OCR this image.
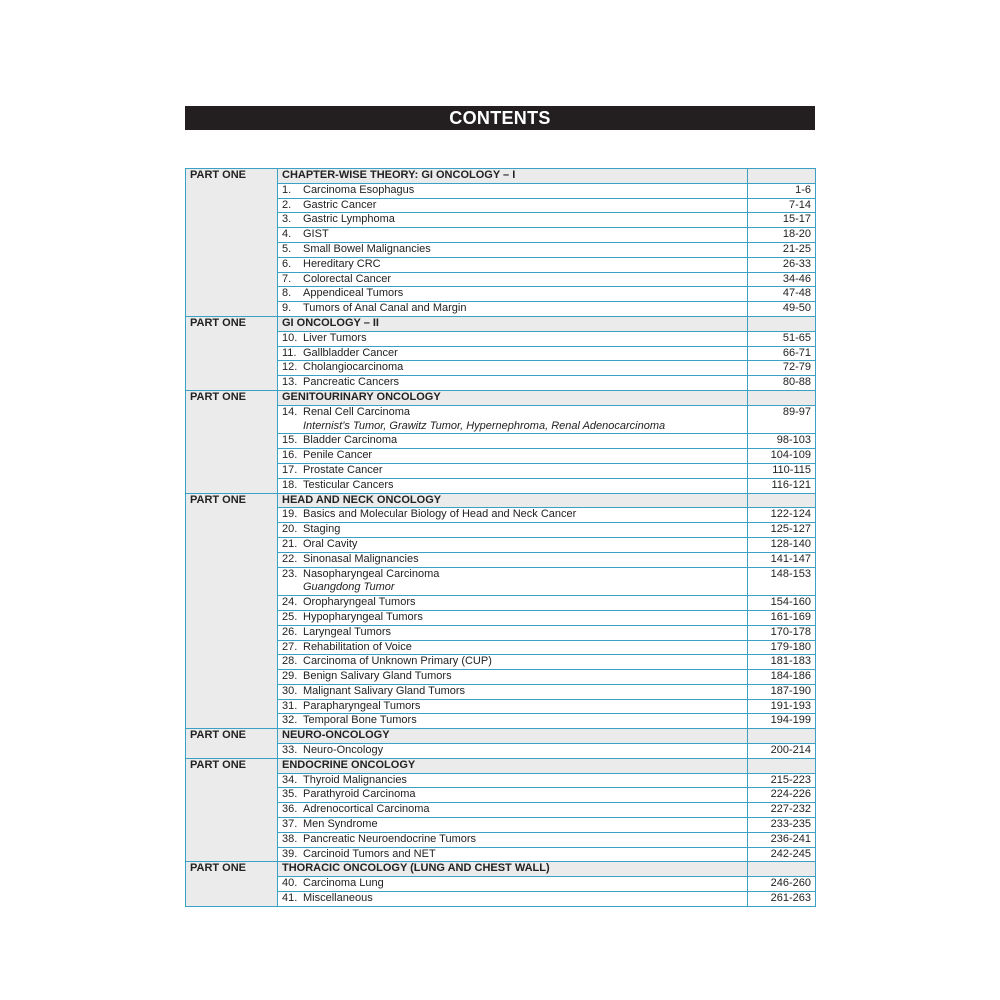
CONTENTS
PART ONE	CHAPTER-WISE THEORY: GI ONCOLOGY – I	
	1. Carcinoma Esophagus	1-6
	2. Gastric Cancer	7-14
	3. Gastric Lymphoma	15-17
	4. GIST	18-20
	5. Small Bowel Malignancies	21-25
	6. Hereditary CRC	26-33
	7. Colorectal Cancer	34-46
	8. Appendiceal Tumors	47-48
	9. Tumors of Anal Canal and Margin	49-50
PART ONE	GI ONCOLOGY – II	
	10. Liver Tumors	51-65
	11. Gallbladder Cancer	66-71
	12. Cholangiocarcinoma	72-79
	13. Pancreatic Cancers	80-88
PART ONE	GENITOURINARY ONCOLOGY	
	14. Renal Cell Carcinoma
Internist’s Tumor, Grawitz Tumor, Hypernephroma, Renal Adenocarcinoma	89-97
	15. Bladder Carcinoma	98-103
	16. Penile Cancer	104-109
	17. Prostate Cancer	110-115
	18. Testicular Cancers	116-121
PART ONE	HEAD AND NECK ONCOLOGY	
	19. Basics and Molecular Biology of Head and Neck Cancer	122-124
	20. Staging	125-127
	21. Oral Cavity	128-140
	22. Sinonasal Malignancies	141-147
	23. Nasopharyngeal Carcinoma
Guangdong Tumor	148-153
	24. Oropharyngeal Tumors	154-160
	25. Hypopharyngeal Tumors	161-169
	26. Laryngeal Tumors	170-178
	27. Rehabilitation of Voice	179-180
	28. Carcinoma of Unknown Primary (CUP)	181-183
	29. Benign Salivary Gland Tumors	184-186
	30. Malignant Salivary Gland Tumors	187-190
	31. Parapharyngeal Tumors	191-193
	32. Temporal Bone Tumors	194-199
PART ONE	NEURO-ONCOLOGY	
	33. Neuro-Oncology	200-214
PART ONE	ENDOCRINE ONCOLOGY	
	34. Thyroid Malignancies	215-223
	35. Parathyroid Carcinoma	224-226
	36. Adrenocortical Carcinoma	227-232
	37. Men Syndrome	233-235
	38. Pancreatic Neuroendocrine Tumors	236-241
	39. Carcinoid Tumors and NET	242-245
PART ONE	THORACIC ONCOLOGY (LUNG AND CHEST WALL)	
	40. Carcinoma Lung	246-260
	41. Miscellaneous	261-263
